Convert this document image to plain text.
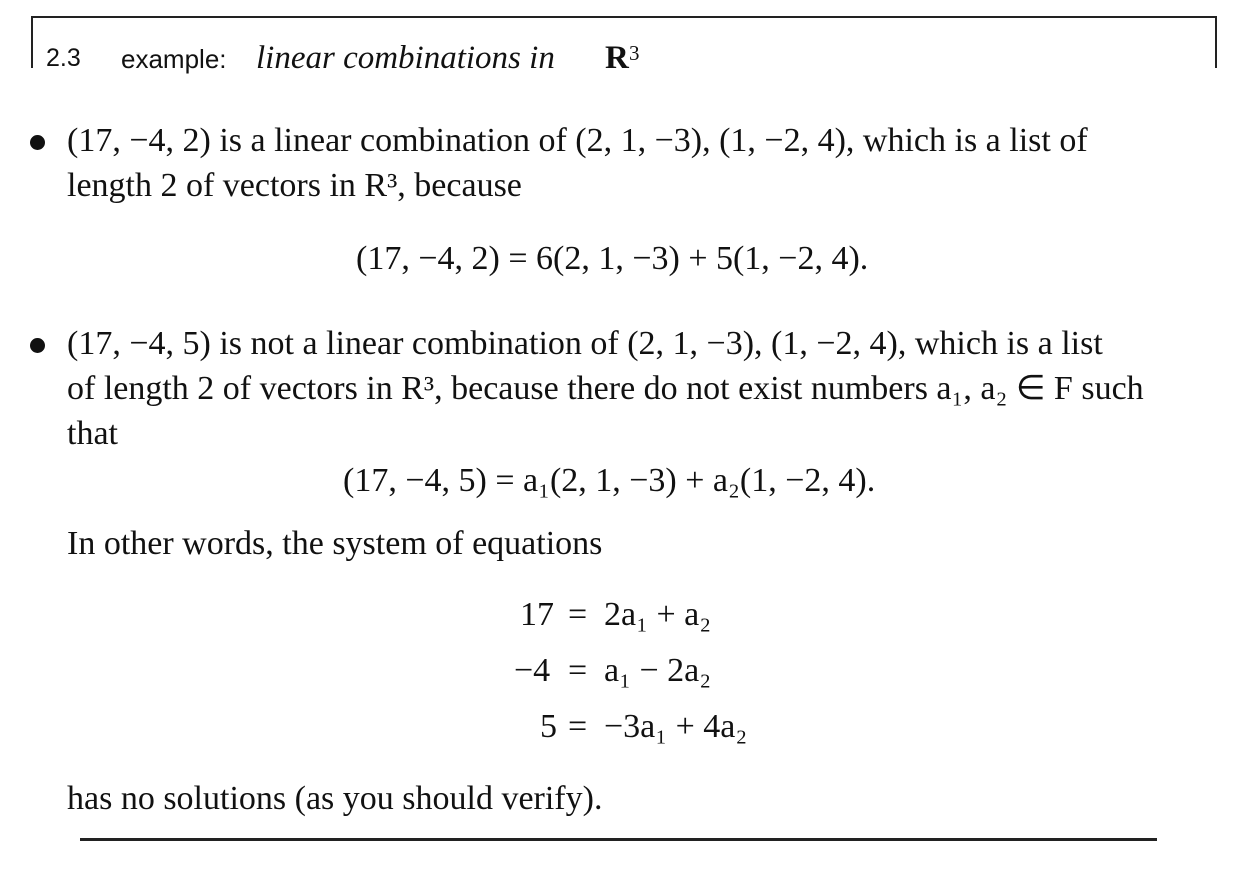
2.3 example: linear combinations in R 3
(17, −4, 2) is a linear combination of (2, 1, −3), (1, −2, 4), which is a list of
length 2 of vectors in R³, because
(17, −4, 2) = 6(2, 1, −3) + 5(1, −2, 4).
(17, −4, 5) is not a linear combination of (2, 1, −3), (1, −2, 4), which is a list
of length 2 of vectors in R³, because there do not exist numbers a₁, a₂ ∈ F such
that
(17, −4, 5) = a₁(2, 1, −3) + a₂(1, −2, 4).
In other words, the system of equations
17 = 2a₁ + a₂
−4 = a₁ − 2a₂
5 = −3a₁ + 4a₂
has no solutions (as you should verify).
